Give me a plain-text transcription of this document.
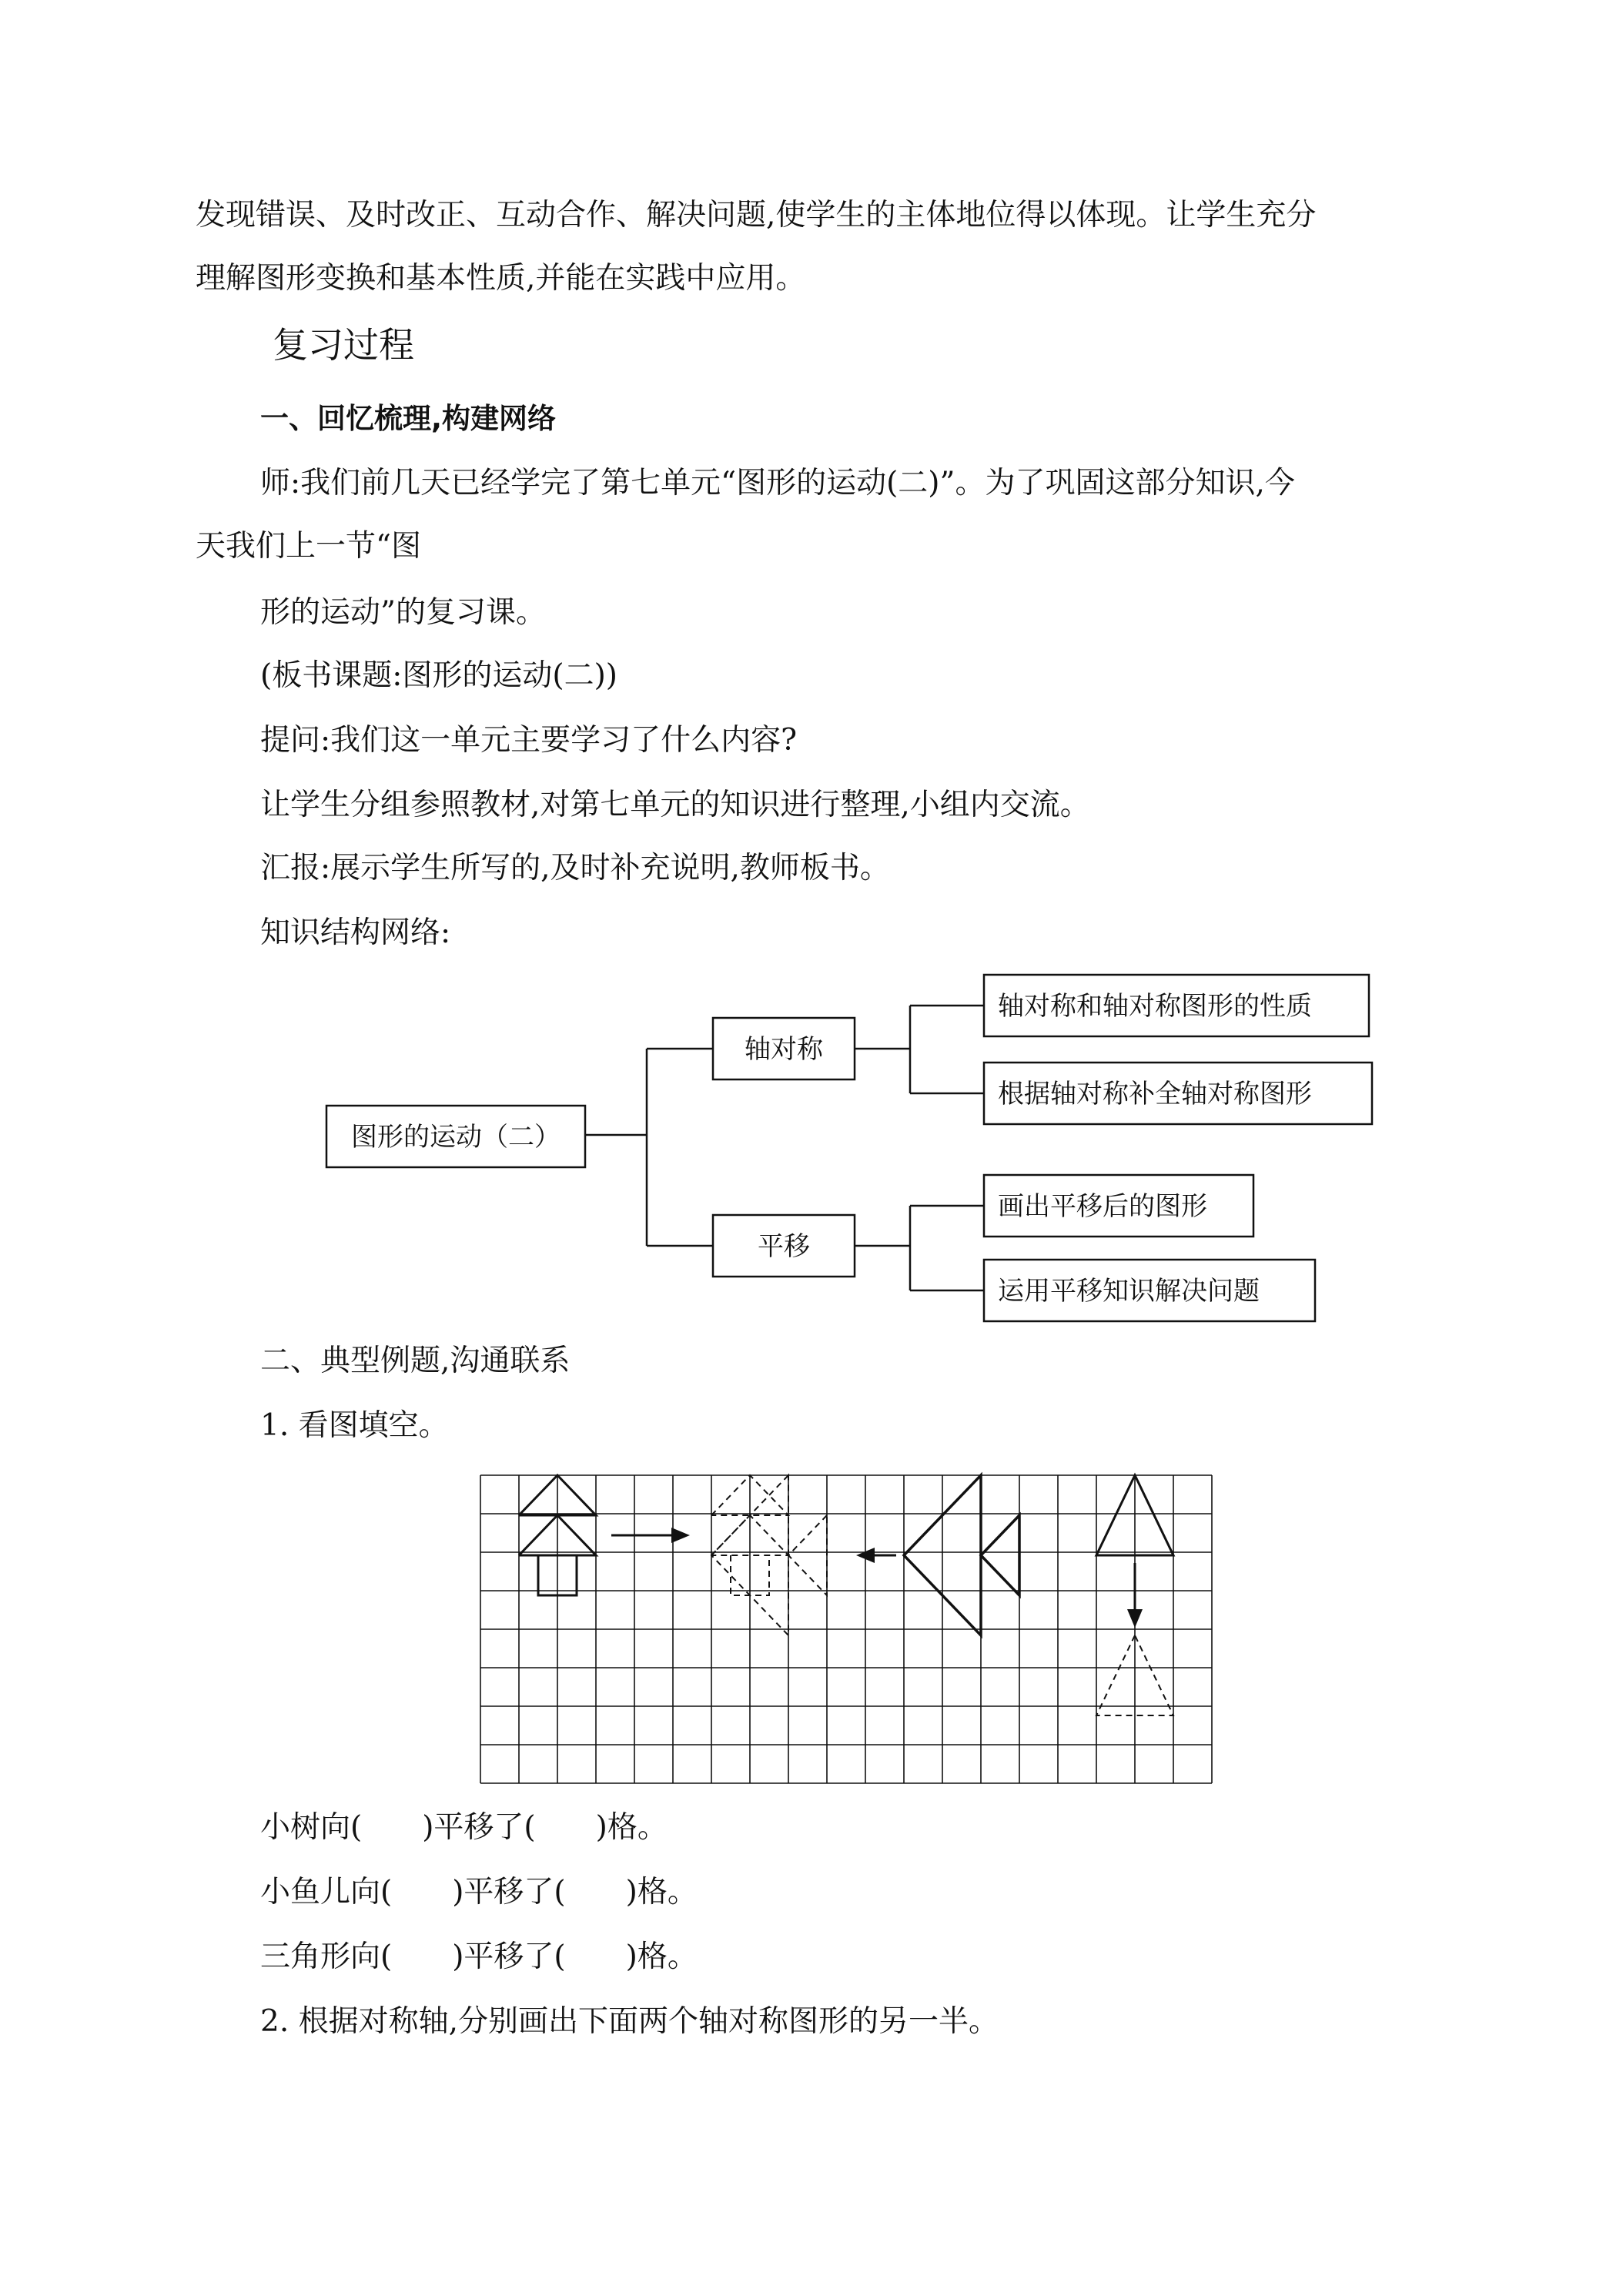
发现错误、及时改正、互动合作、解决问题,使学生的主体地位得以体现。让学生充分
理解图形变换和基本性质,并能在实践中应用。
复习过程
一、回忆梳理,构建网络
师:我们前几天已经学完了第七单元“图形的运动(二)”。为了巩固这部分知识,今
天我们上一节“图
形的运动”的复习课。
(板书课题:图形的运动(二))
提问:我们这一单元主要学习了什么内容?
让学生分组参照教材,对第七单元的知识进行整理,小组内交流。
汇报:展示学生所写的,及时补充说明,教师板书。
知识结构网络:
图形的运动（二）
轴对称
平移
轴对称和轴对称图形的性质
根据轴对称补全轴对称图形
画出平移后的图形
运用平移知识解决问题
二、典型例题,沟通联系
1. 看图填空。
小树向(　　)平移了(　　)格。
小鱼儿向(　　)平移了(　　)格。
三角形向(　　)平移了(　　)格。
2. 根据对称轴,分别画出下面两个轴对称图形的另一半。
